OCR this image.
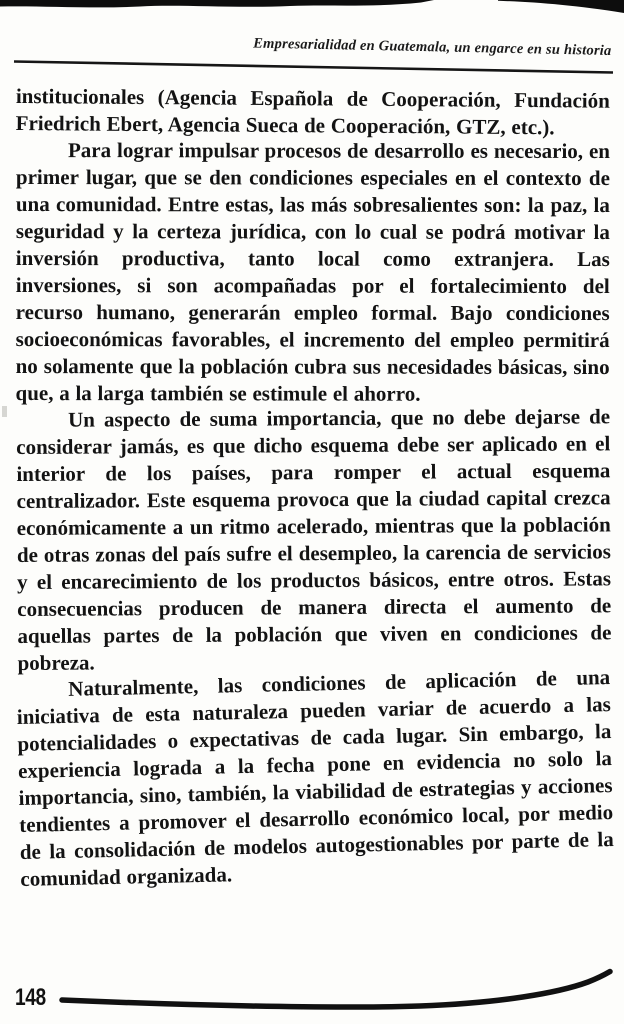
Empresarialidad en Guatemala, un engarce en su historia

institucionales (Agencia Española de Cooperación, Fundación Friedrich Ebert, Agencia Sueca de Cooperación, GTZ, etc.).

Para lograr impulsar procesos de desarrollo es necesario, en primer lugar, que se den condiciones especiales en el contexto de una comunidad. Entre estas, las más sobresalientes son: la paz, la seguridad y la certeza jurídica, con lo cual se podrá motivar la inversión productiva, tanto local como extranjera. Las inversiones, si son acompañadas por el fortalecimiento del recurso humano, generarán empleo formal. Bajo condiciones socioeconómicas favorables, el incremento del empleo permitirá no solamente que la población cubra sus necesidades básicas, sino que, a la larga también se estimule el ahorro.

Un aspecto de suma importancia, que no debe dejarse de considerar jamás, es que dicho esquema debe ser aplicado en el interior de los países, para romper el actual esquema centralizador. Este esquema provoca que la ciudad capital crezca económicamente a un ritmo acelerado, mientras que la población de otras zonas del país sufre el desempleo, la carencia de servicios y el encarecimiento de los productos básicos, entre otros. Estas consecuencias producen de manera directa el aumento de aquellas partes de la población que viven en condiciones de pobreza.

Naturalmente, las condiciones de aplicación de una iniciativa de esta naturaleza pueden variar de acuerdo a las potencialidades o expectativas de cada lugar. Sin embargo, la experiencia lograda a la fecha pone en evidencia no solo la importancia, sino, también, la viabilidad de estrategias y acciones tendientes a promover el desarrollo económico local, por medio de la consolidación de modelos autogestionables por parte de la comunidad organizada.

148
